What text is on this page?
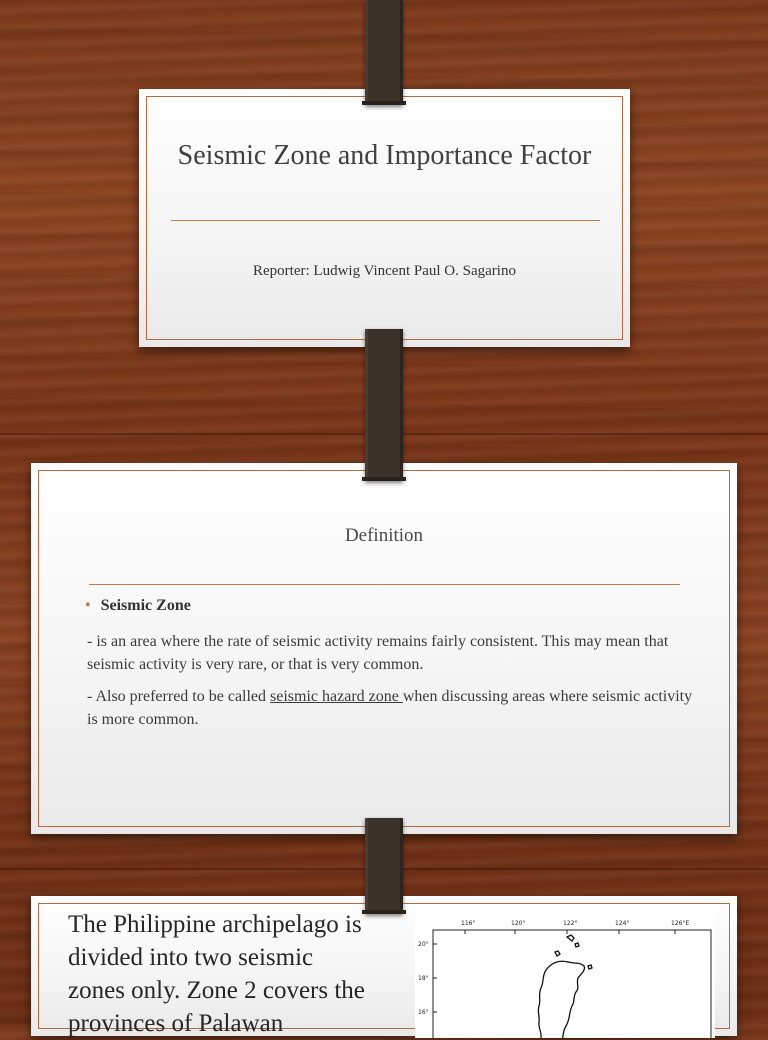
Seismic Zone and Importance Factor
Reporter: Ludwig Vincent Paul O. Sagarino
Definition
• Seismic Zone
- is an area where the rate of seismic activity remains fairly consistent. This may mean that seismic activity is very rare, or that is very common.
- Also preferred to be called seismic hazard zone when discussing areas where seismic activity is more common.
The Philippine archipelago is divided into two seismic zones only. Zone 2 covers the provinces of Palawan
116°	120°	122°	124°	126°E
20°
18°
16°
